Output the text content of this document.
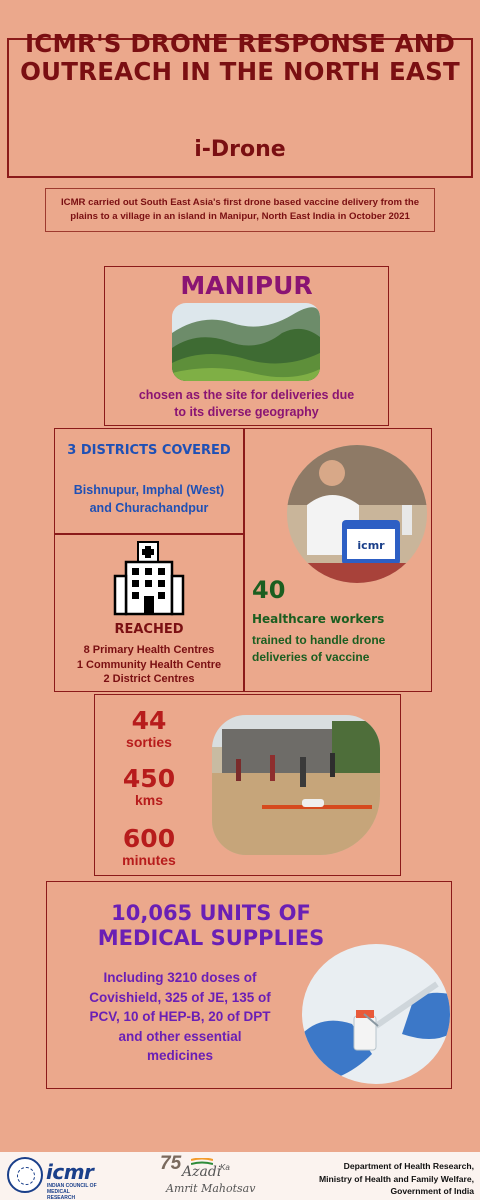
ICMR'S DRONE RESPONSE AND
OUTREACH IN THE NORTH EAST
i-Drone
ICMR carried out South East Asia's first drone based vaccine delivery from the plains to a village in an island in Manipur, North East India in October 2021
MANIPUR
chosen as the site for deliveries due
to its diverse geography
3 DISTRICTS COVERED
Bishnupur, Imphal (West)
and Churachandpur
icmr
40
Healthcare workers
trained to handle drone
deliveries of vaccine
REACHED
8 Primary Health Centres
1 Community Health Centre
2 District Centres
44
sorties
450
kms
600
minutes
10,065 UNITS OF
MEDICAL SUPPLIES
Including 3210 doses of
Covishield, 325 of JE, 135 of
PCV, 10 of HEP-B, 20 of DPT
and other essential
medicines
icmr
INDIAN COUNCIL OF
MEDICAL RESEARCH
75 Azadi
Ka
Amrit Mahotsav
Department of Health Research,
Ministry of Health and Family Welfare,
Government of India
